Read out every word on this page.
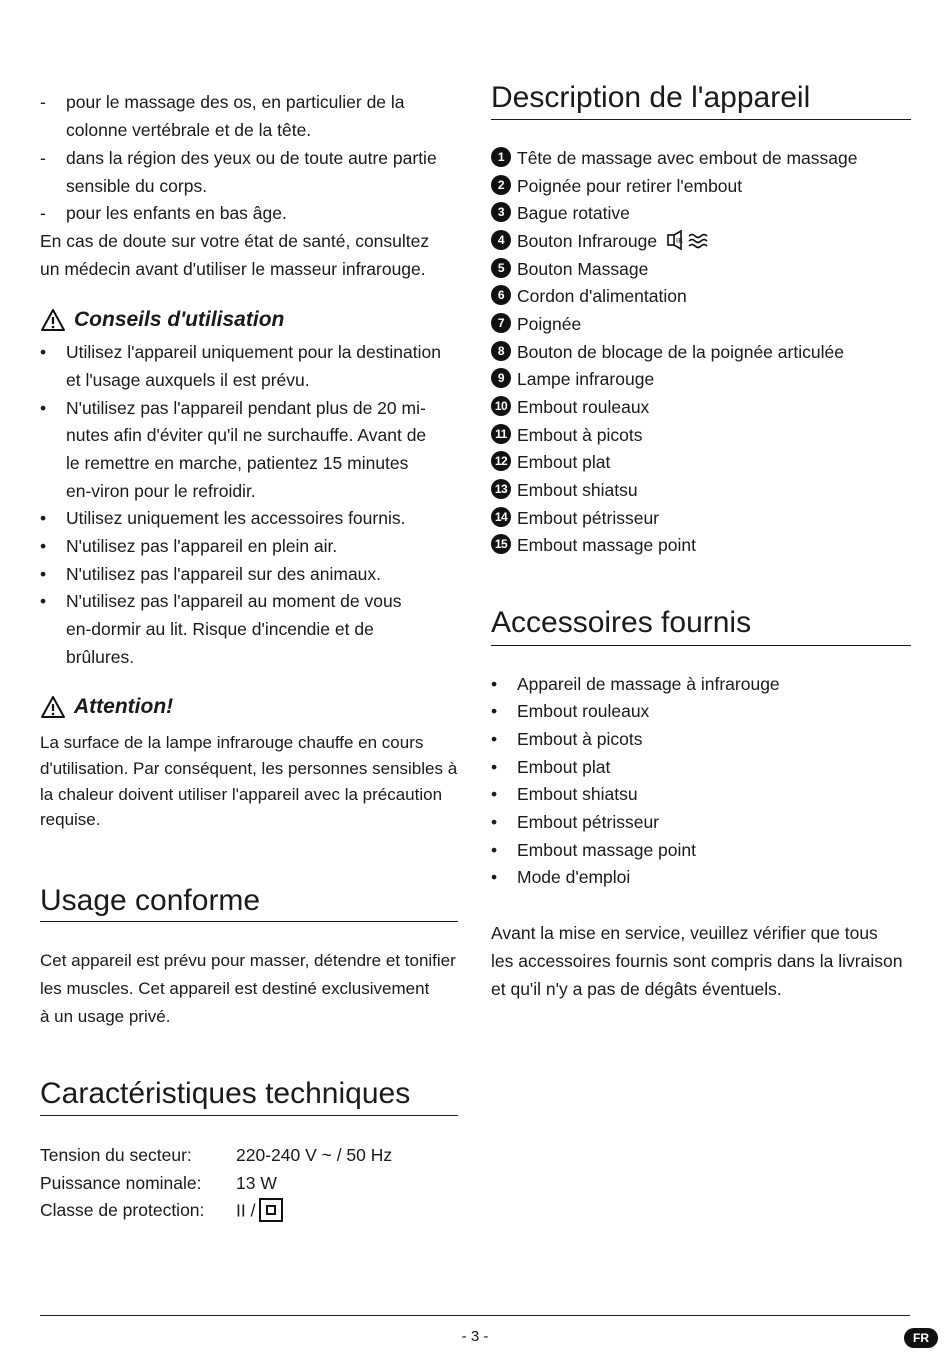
- pour le massage des os, en particulier de la
colonne vertébrale et de la tête.
- dans la région des yeux ou de toute autre partie
sensible du corps.
- pour les enfants en bas âge.
En cas de doute sur votre état de santé, consultez
un médecin avant d'utiliser le masseur infrarouge.
Conseils d'utilisation
• Utilisez l'appareil uniquement pour la destination
et l'usage auxquels il est prévu.
• N'utilisez pas l'appareil pendant plus de 20 mi-
nutes afin d'éviter qu'il ne surchauffe. Avant de
le remettre en marche, patientez 15 minutes
en-viron pour le refroidir.
• Utilisez uniquement les accessoires fournis.
• N'utilisez pas l'appareil en plein air.
• N'utilisez pas l'appareil sur des animaux.
• N'utilisez pas l'appareil au moment de vous
en-dormir au lit. Risque d'incendie et de
brûlures.
Attention!
La surface de la lampe infrarouge chauffe en cours
d'utilisation. Par conséquent, les personnes sensibles à
la chaleur doivent utiliser l'appareil avec la précaution
requise.
Usage conforme
Cet appareil est prévu pour masser, détendre et tonifier
les muscles. Cet appareil est destiné exclusivement
à un usage privé.
Caractéristiques techniques
Tension du secteur:	220-240 V ~ / 50 Hz
Puissance nominale: 13 W
Classe de protection: II /
Description de l'appareil
1 Tête de massage avec embout de massage
2 Poignée pour retirer l'embout
3 Bague rotative
4 Bouton Infrarouge	IR
5 Bouton Massage
6 Cordon d'alimentation
7 Poignée
8 Bouton de blocage de la poignée articulée
9 Lampe infrarouge
10 Embout rouleaux
11 Embout à picots
12 Embout plat
13 Embout shiatsu
14 Embout pétrisseur
15 Embout massage point
Accessoires fournis
• Appareil de massage à infrarouge
• Embout rouleaux
• Embout à picots
• Embout plat
• Embout shiatsu
• Embout pétrisseur
• Embout massage point
• Mode d'emploi
Avant la mise en service, veuillez vérifier que tous
les accessoires fournis sont compris dans la livraison
et qu'il n'y a pas de dégâts éventuels.
- 3 -	FR
